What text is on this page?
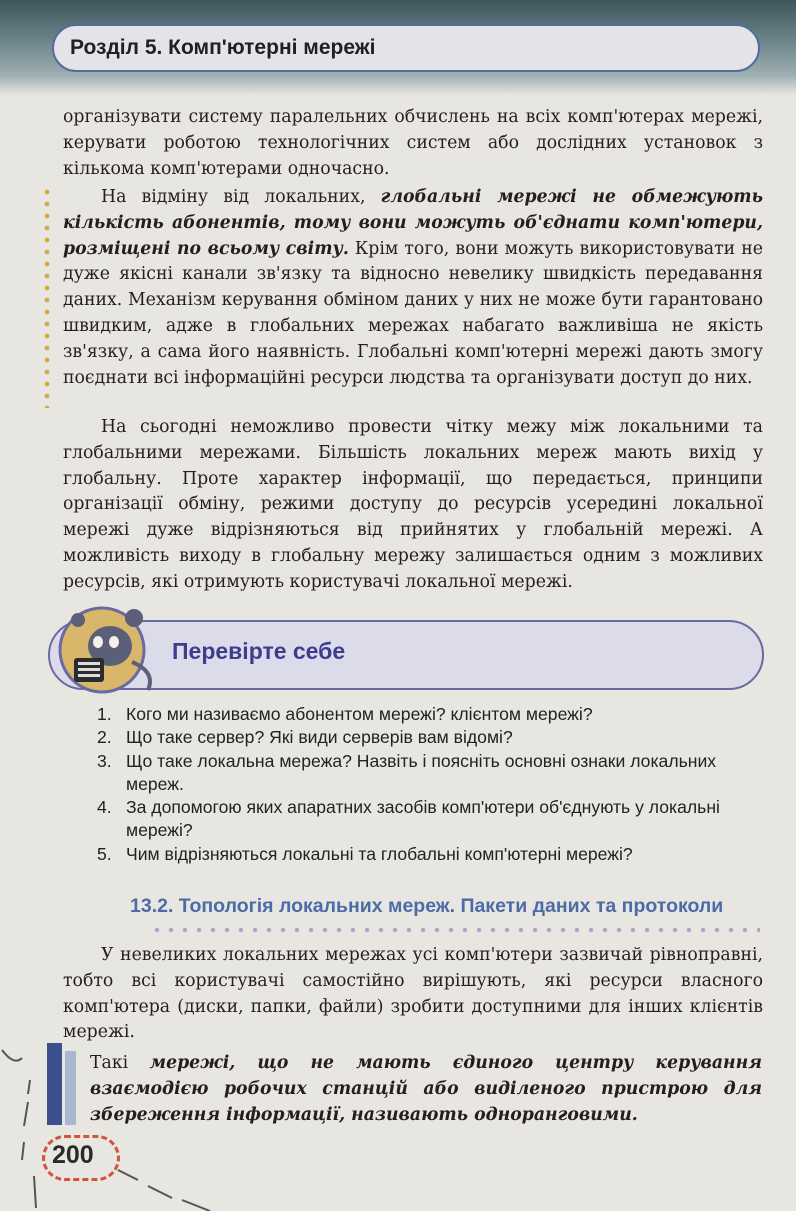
Розділ 5. Комп'ютерні мережі

організувати систему паралельних обчислень на всіх комп'ютерах мережі, керувати роботою технологічних систем або дослідних установок з кількома комп'ютерами одночасно.

На відміну від локальних, глобальні мережі не обмежують кількість абонентів, тому вони можуть об'єднати комп'ютери, розміщені по всьому світу. Крім того, вони можуть використовувати не дуже якісні канали зв'язку та відносно невелику швидкість передавання даних. Механізм керування обміном даних у них не може бути гарантовано швидким, адже в глобальних мережах набагато важливіша не якість зв'язку, а сама його наявність. Глобальні комп'ютерні мережі дають змогу поєднати всі інформаційні ресурси людства та організувати доступ до них.

На сьогодні неможливо провести чітку межу між локальними та глобальними мережами. Більшість локальних мереж мають вихід у глобальну. Проте характер інформації, що передається, принципи організації обміну, режими доступу до ресурсів усередині локальної мережі дуже відрізняються від прийнятих у глобальній мережі. А можливість виходу в глобальну мережу залишається одним з можливих ресурсів, які отримують користувачі локальної мережі.

Перевірте себе
1. Кого ми називаємо абонентом мережі? клієнтом мережі?
2. Що таке сервер? Які види серверів вам відомі?
3. Що таке локальна мережа? Назвіть і поясніть основні ознаки локальних мереж.
4. За допомогою яких апаратних засобів комп'ютери об'єднують у локальні мережі?
5. Чим відрізняються локальні та глобальні комп'ютерні мережі?
13.2. Топологія локальних мереж. Пакети даних та протоколи

У невеликих локальних мережах усі комп'ютери зазвичай рівноправні, тобто всі користувачі самостійно вирішують, які ресурси власного комп'ютера (диски, папки, файли) зробити доступними для інших клієнтів мережі.

Такі мережі, що не мають єдиного центру керування взаємодією робочих станцій або виділеного пристрою для збереження інформації, називають одноранговими.

200
